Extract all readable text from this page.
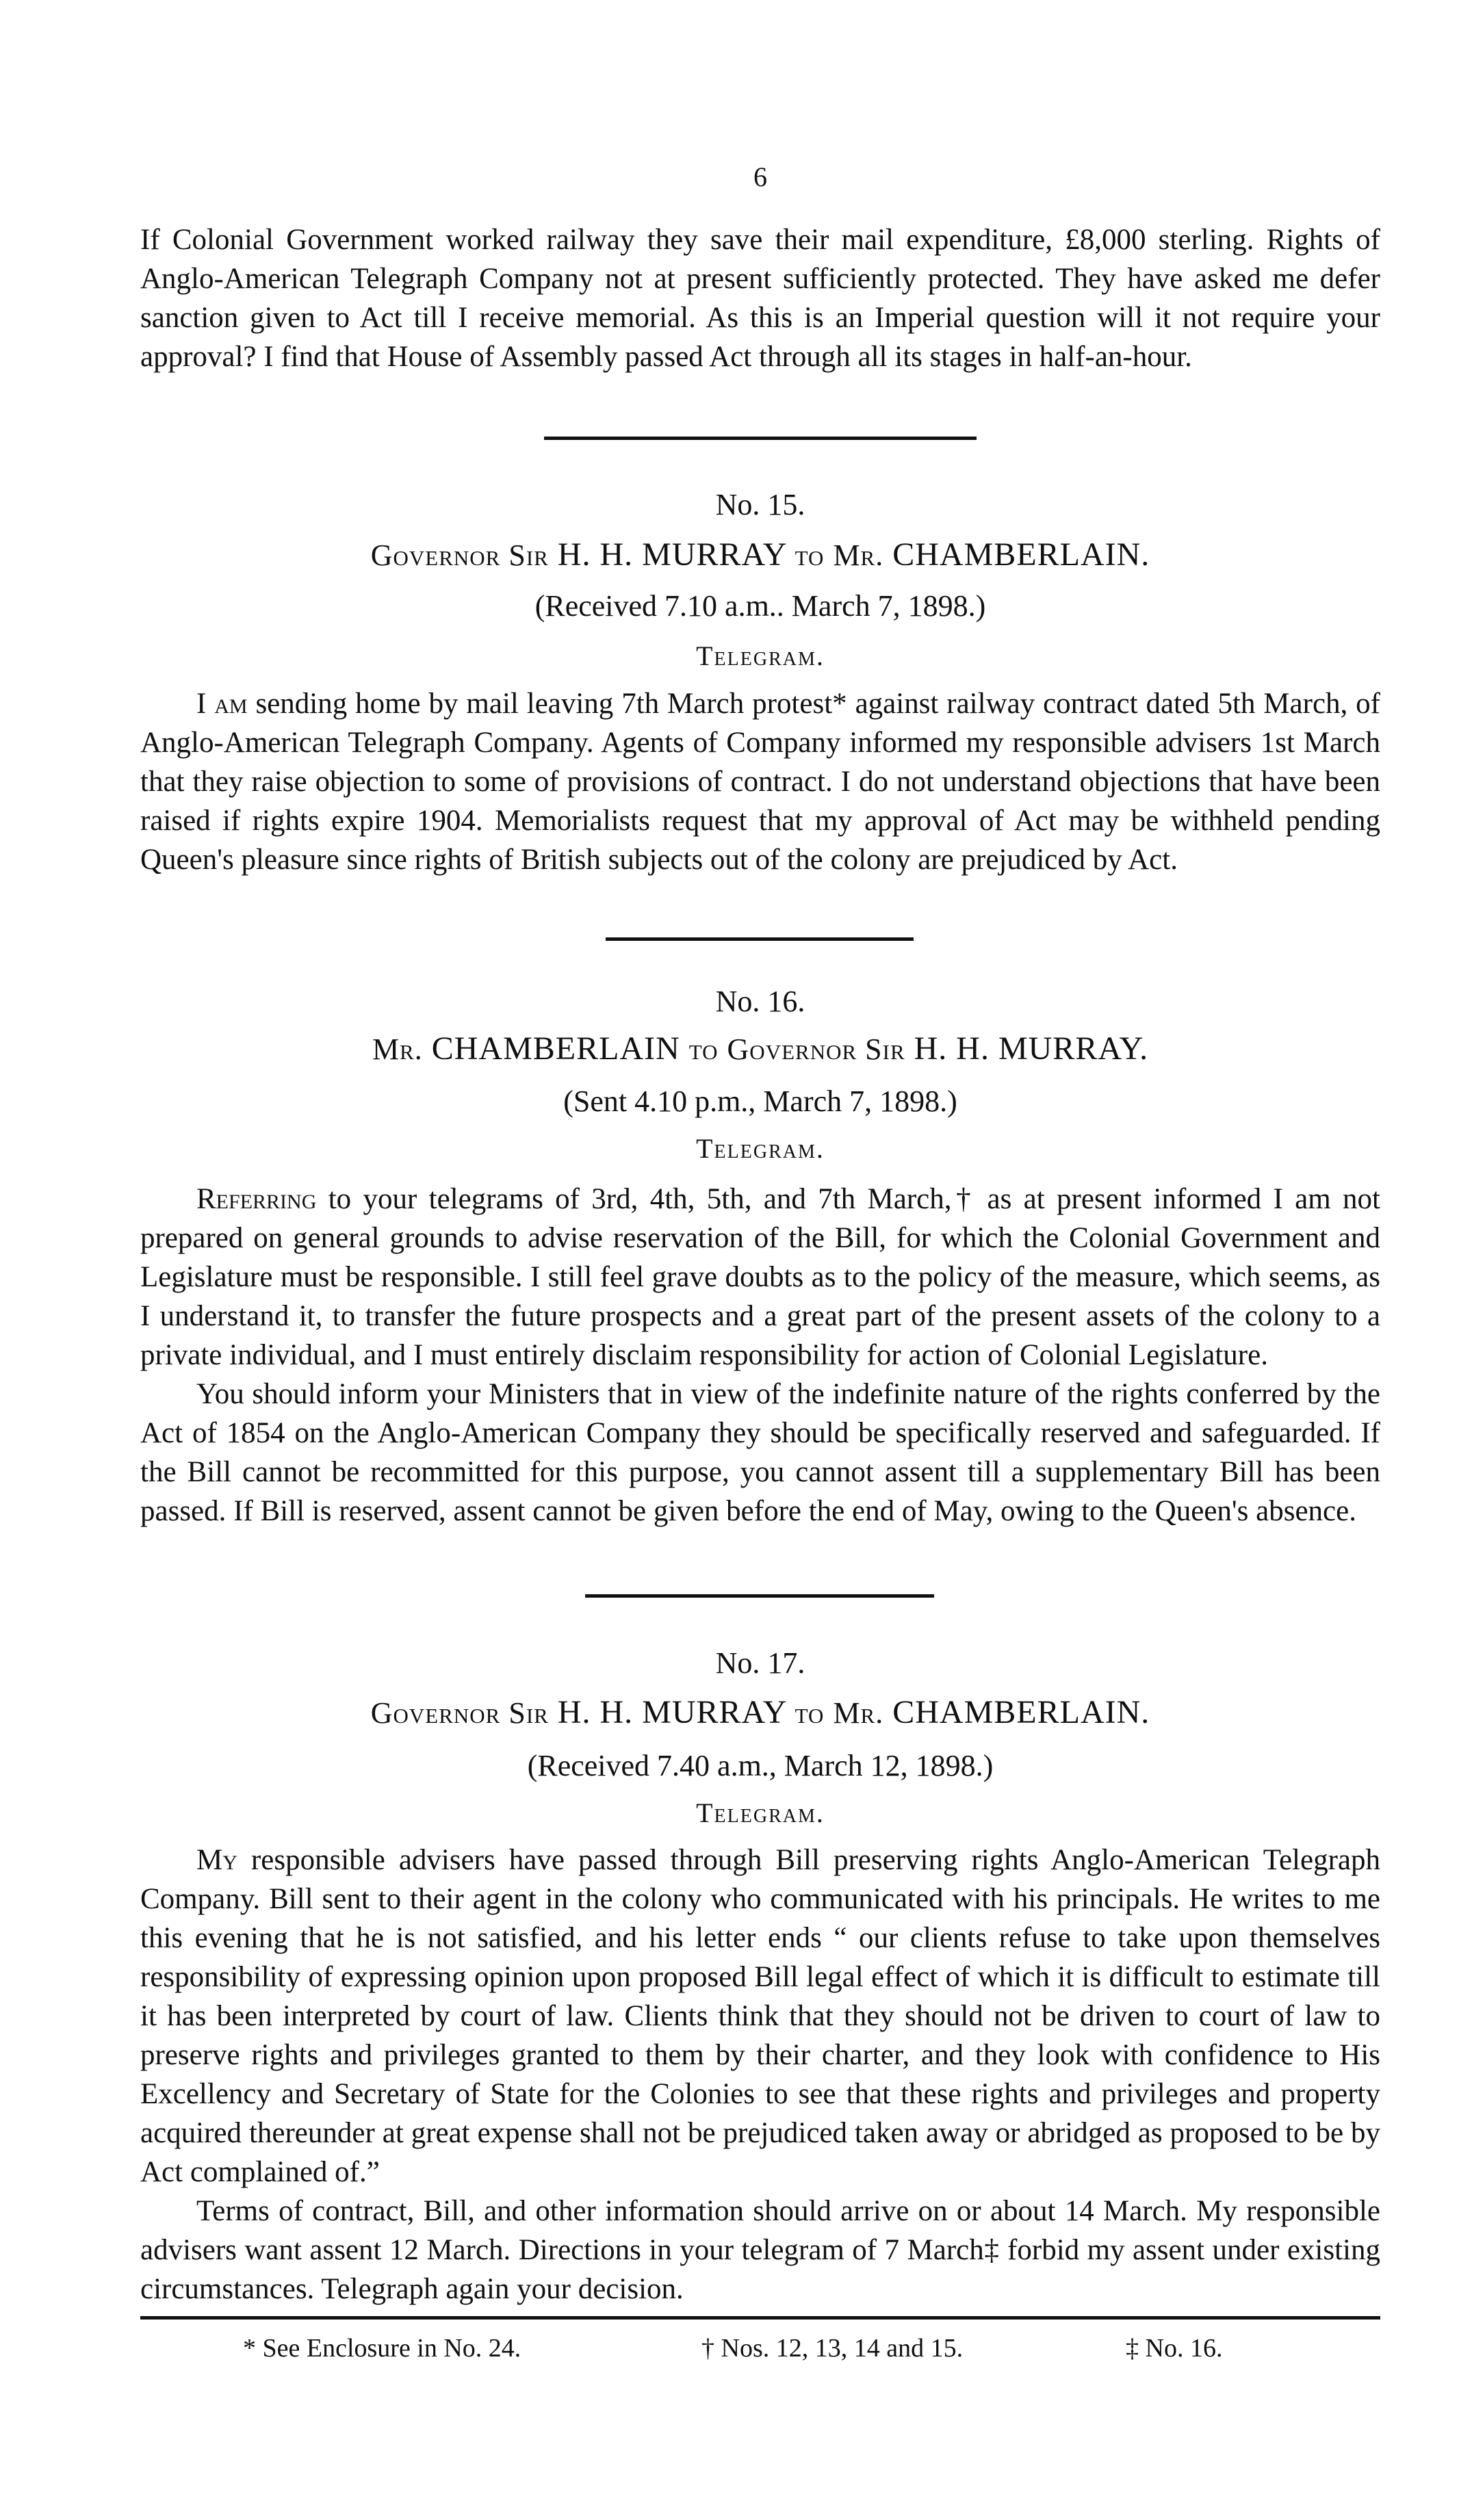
6

If Colonial Government worked railway they save their mail expenditure, £8,000 sterling. Rights of Anglo-American Telegraph Company not at present sufficiently protected. They have asked me defer sanction given to Act till I receive memorial. As this is an Imperial question will it not require your approval? I find that House of Assembly passed Act through all its stages in half-an-hour.

No. 15.
Governor Sir H. H. MURRAY to Mr. CHAMBERLAIN.
(Received 7.10 a.m.. March 7, 1898.)
Telegram.

I am sending home by mail leaving 7th March protest* against railway contract dated 5th March, of Anglo-American Telegraph Company. Agents of Company informed my responsible advisers 1st March that they raise objection to some of provisions of contract. I do not understand objections that have been raised if rights expire 1904. Memorialists request that my approval of Act may be withheld pending Queen's pleasure since rights of British subjects out of the colony are prejudiced by Act.

No. 16.
Mr. CHAMBERLAIN to Governor Sir H. H. MURRAY.
(Sent 4.10 p.m., March 7, 1898.)
Telegram.

Referring to your telegrams of 3rd, 4th, 5th, and 7th March,† as at present informed I am not prepared on general grounds to advise reservation of the Bill, for which the Colonial Government and Legislature must be responsible. I still feel grave doubts as to the policy of the measure, which seems, as I understand it, to transfer the future prospects and a great part of the present assets of the colony to a private individual, and I must entirely disclaim responsibility for action of Colonial Legislature.

You should inform your Ministers that in view of the indefinite nature of the rights conferred by the Act of 1854 on the Anglo-American Company they should be specifically reserved and safeguarded. If the Bill cannot be recommitted for this purpose, you cannot assent till a supplementary Bill has been passed. If Bill is reserved, assent cannot be given before the end of May, owing to the Queen's absence.

No. 17.
Governor Sir H. H. MURRAY to Mr. CHAMBERLAIN.
(Received 7.40 a.m., March 12, 1898.)
Telegram.

My responsible advisers have passed through Bill preserving rights Anglo-American Telegraph Company. Bill sent to their agent in the colony who communicated with his principals. He writes to me this evening that he is not satisfied, and his letter ends “ our clients refuse to take upon themselves responsibility of expressing opinion upon proposed Bill legal effect of which it is difficult to estimate till it has been interpreted by court of law. Clients think that they should not be driven to court of law to preserve rights and privileges granted to them by their charter, and they look with confidence to His Excellency and Secretary of State for the Colonies to see that these rights and privileges and property acquired thereunder at great expense shall not be prejudiced taken away or abridged as proposed to be by Act complained of.”

Terms of contract, Bill, and other information should arrive on or about 14 March. My responsible advisers want assent 12 March. Directions in your telegram of 7 March‡ forbid my assent under existing circumstances. Telegraph again your decision.

* See Enclosure in No. 24.	† Nos. 12, 13, 14 and 15.	‡ No. 16.
